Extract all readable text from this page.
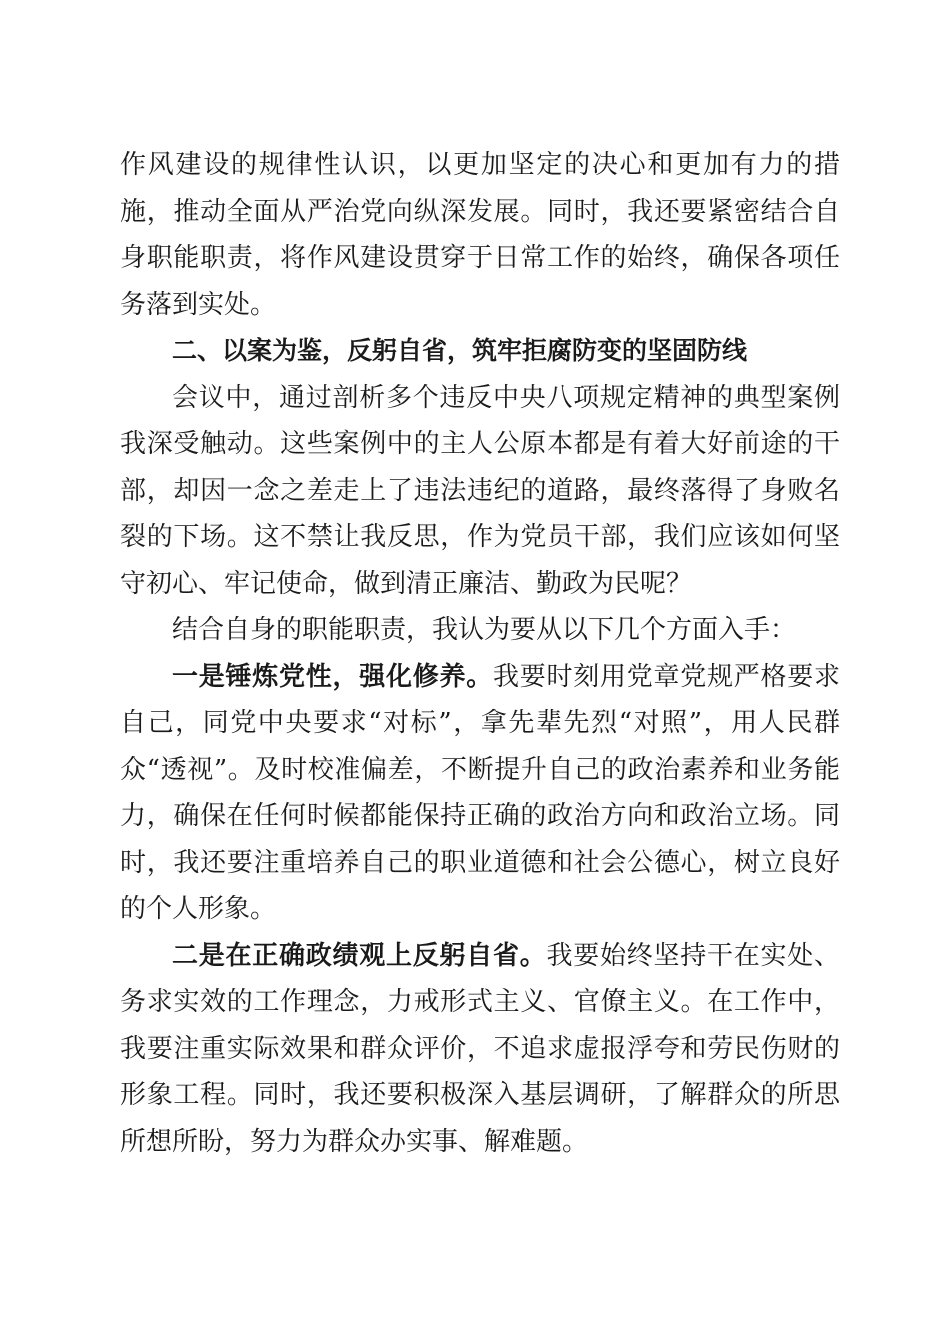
作风建设的规律性认识，以更加坚定的决心和更加有力的措施，推动全面从严治党向纵深发展。同时，我还要紧密结合自身职能职责，将作风建设贯穿于日常工作的始终，确保各项任务落到实处。

二、以案为鉴，反躬自省，筑牢拒腐防变的坚固防线

会议中，通过剖析多个违反中央八项规定精神的典型案例我深受触动。这些案例中的主人公原本都是有着大好前途的干部，却因一念之差走上了违法违纪的道路，最终落得了身败名裂的下场。这不禁让我反思，作为党员干部，我们应该如何坚守初心、牢记使命，做到清正廉洁、勤政为民呢？

结合自身的职能职责，我认为要从以下几个方面入手：

一是锤炼党性，强化修养。我要时刻用党章党规严格要求自己，同党中央要求“对标”，拿先辈先烈“对照”，用人民群众“透视”。及时校准偏差，不断提升自己的政治素养和业务能力，确保在任何时候都能保持正确的政治方向和政治立场。同时，我还要注重培养自己的职业道德和社会公德心，树立良好的个人形象。

二是在正确政绩观上反躬自省。我要始终坚持干在实处、务求实效的工作理念，力戒形式主义、官僚主义。在工作中，我要注重实际效果和群众评价，不追求虚报浮夸和劳民伤财的形象工程。同时，我还要积极深入基层调研，了解群众的所思所想所盼，努力为群众办实事、解难题。
